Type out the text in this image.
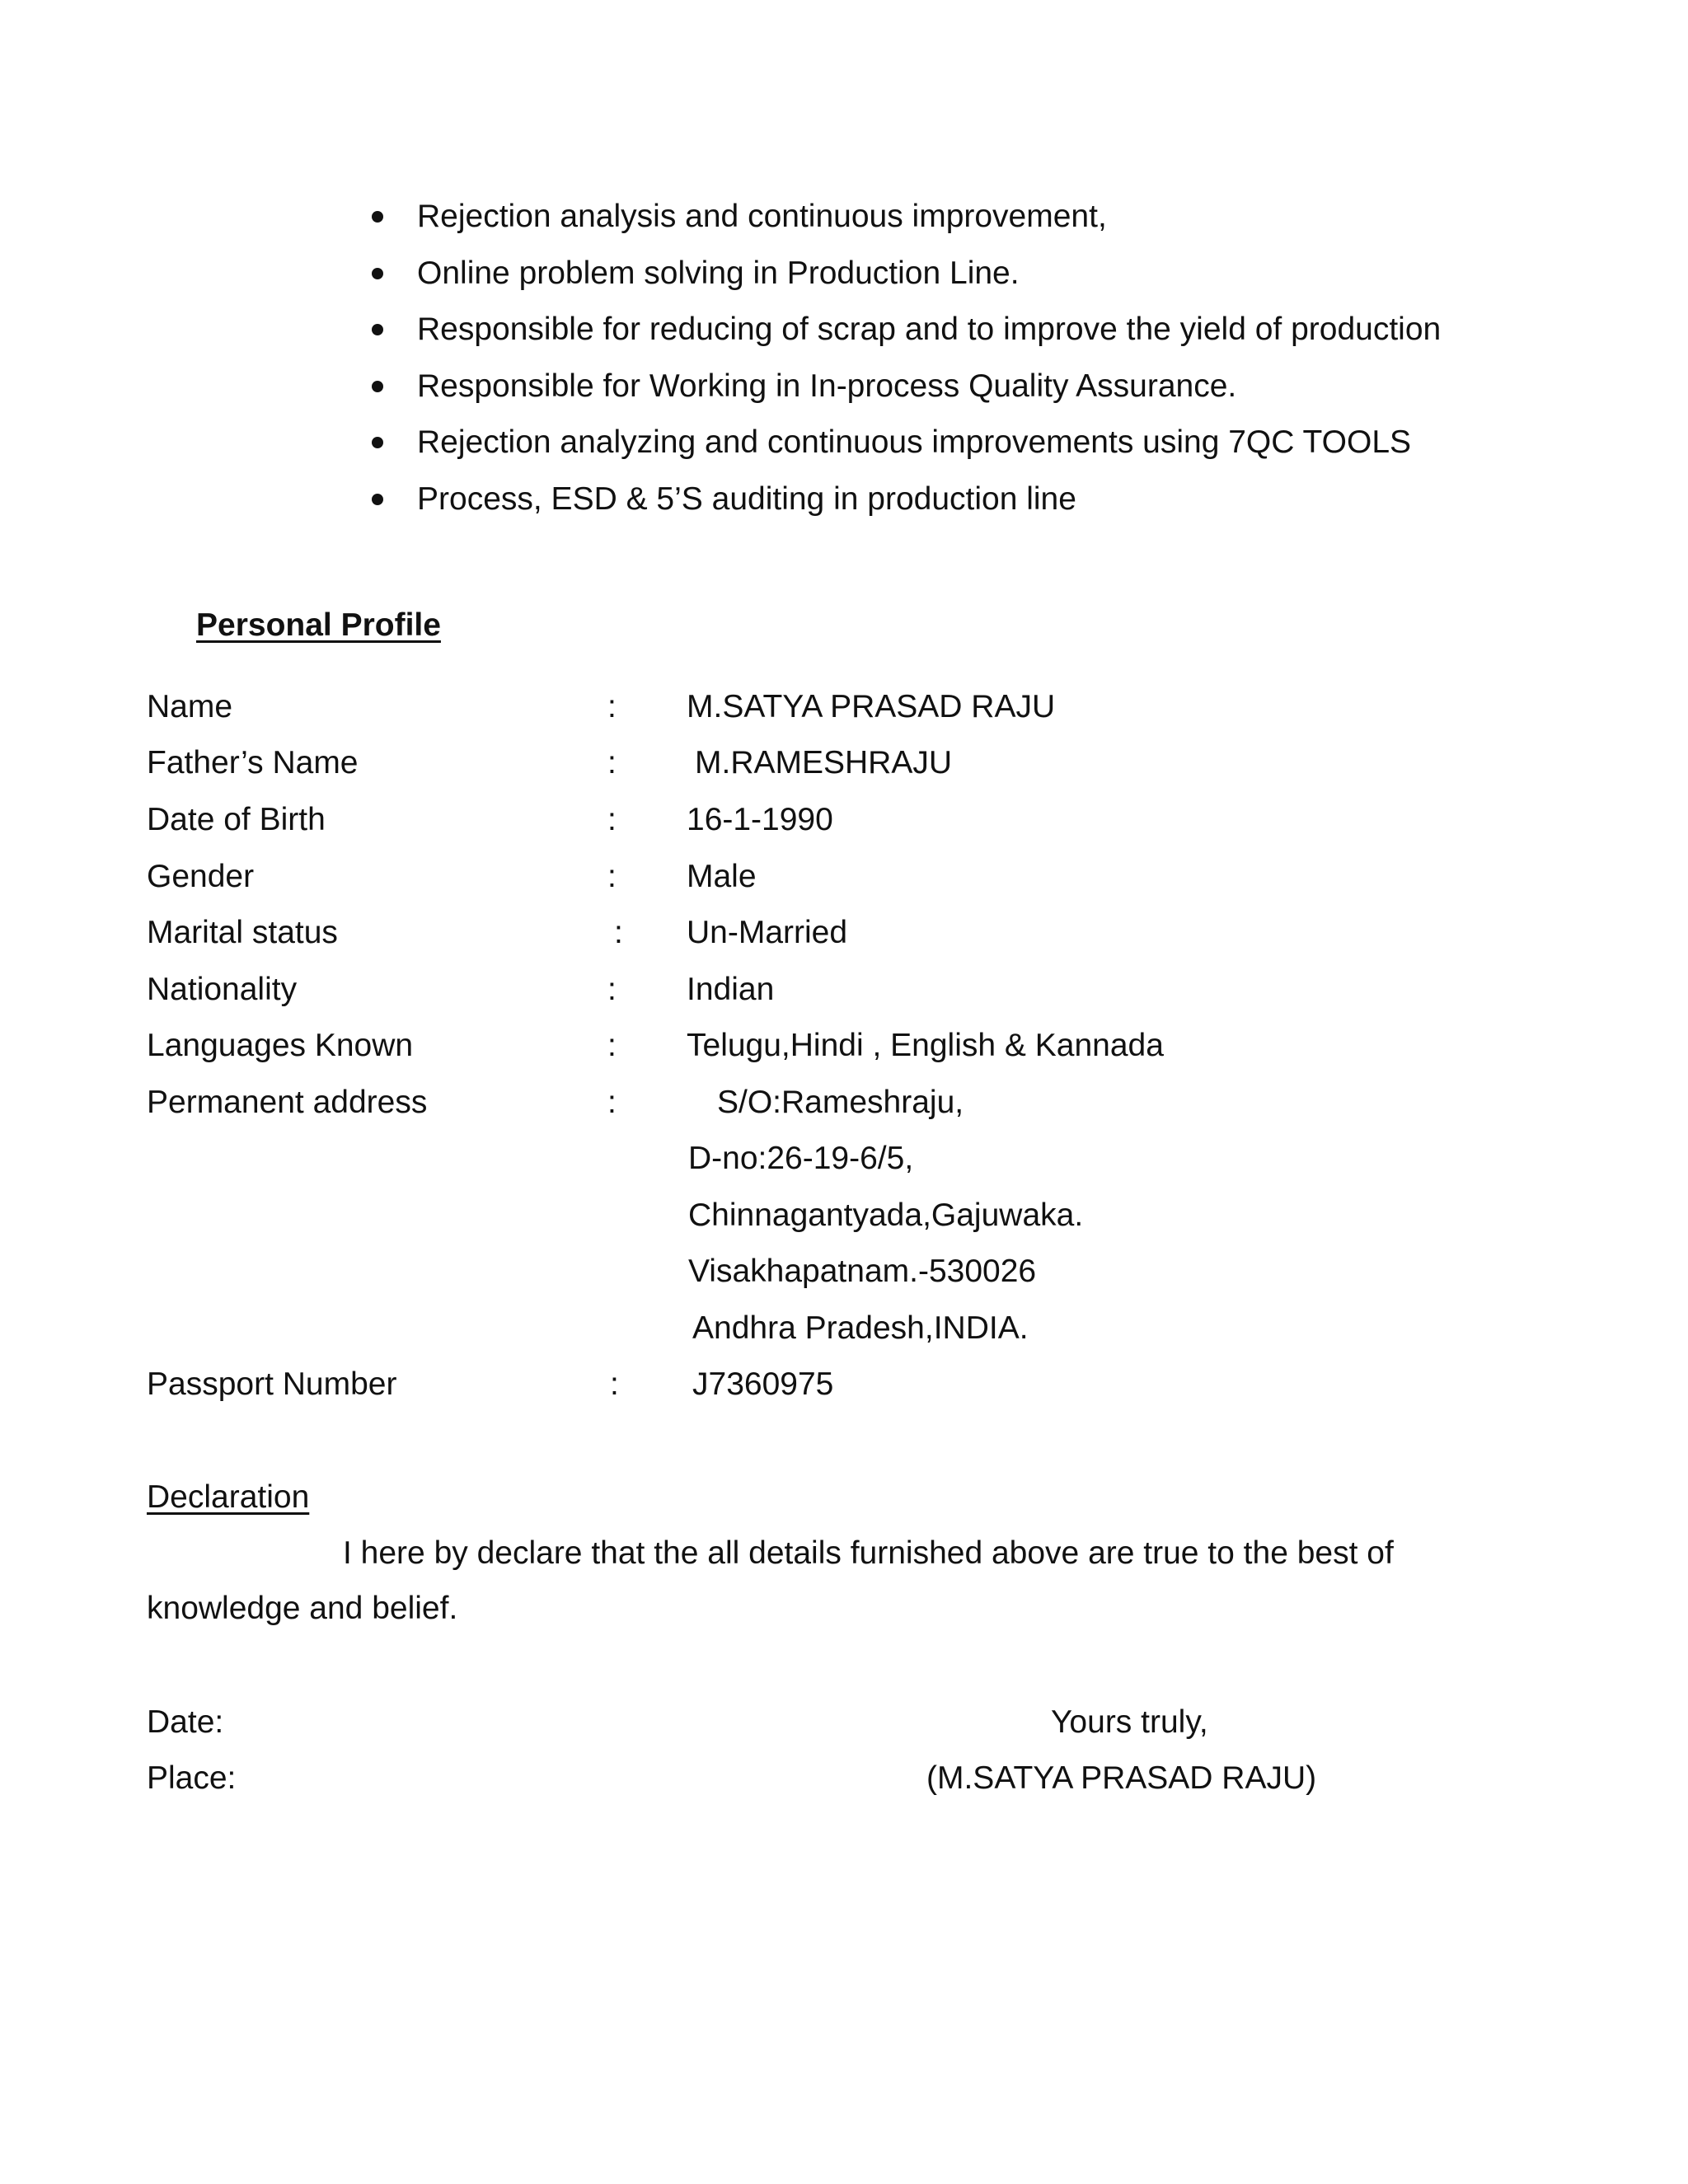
Rejection analysis and continuous improvement,
Online problem solving in Production Line.
Responsible for reducing of scrap and to improve the yield of production
Responsible for Working in In-process Quality Assurance.
Rejection analyzing and continuous improvements using 7QC TOOLS
Process, ESD & 5’S auditing in production line
Personal Profile
Name	: M.SATYA PRASAD RAJU
Father’s Name	: M.RAMESHRAJU
Date of Birth	: 16-1-1990
Gender	: Male
Marital status	: Un-Married
Nationality	: Indian
Languages Known	: Telugu,Hindi , English & Kannada
Permanent address	:	S/O:Rameshraju,
D-no:26-19-6/5,
Chinnagantyada,Gajuwaka.
Visakhapatnam.-530026
Andhra Pradesh,INDIA.
Passport Number	: J7360975
Declaration
I here by declare that the all details furnished above are true to the best of
knowledge and belief.
Date:	Yours truly,
Place:	(M.SATYA PRASAD RAJU)
